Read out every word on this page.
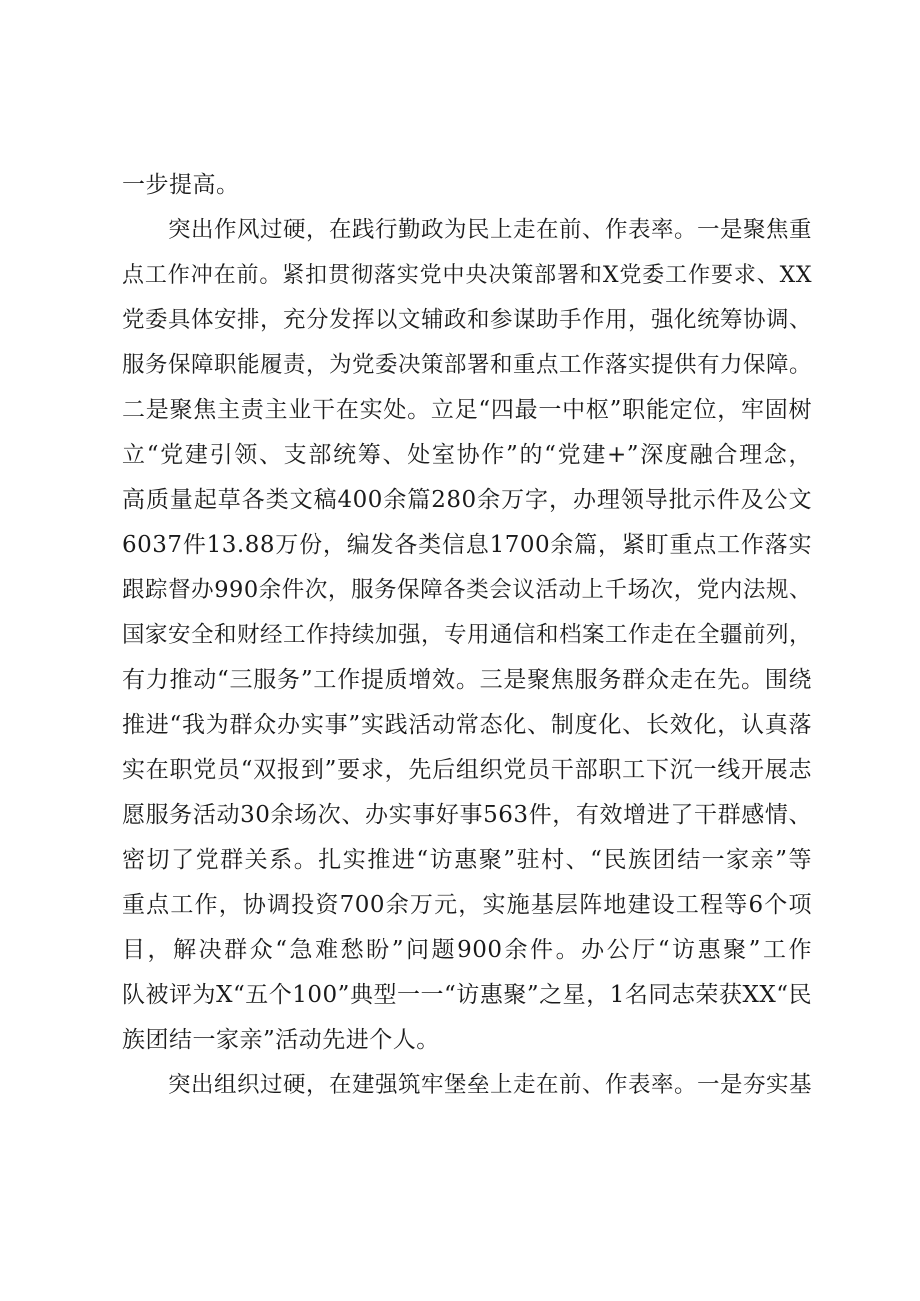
一步提高。
突出作风过硬，在践行勤政为民上走在前、作表率。一是聚焦重
点工作冲在前。紧扣贯彻落实党中央决策部署和X党委工作要求、XX
党委具体安排，充分发挥以文辅政和参谋助手作用，强化统筹协调、
服务保障职能履责，为党委决策部署和重点工作落实提供有力保障。
二是聚焦主责主业干在实处。立足“四最一中枢”职能定位，牢固树
立“党建引领、支部统筹、处室协作”的“党建+”深度融合理念，
高质量起草各类文稿400余篇280余万字，办理领导批示件及公文
6037件13.88万份，编发各类信息1700余篇，紧盯重点工作落实
跟踪督办990余件次，服务保障各类会议活动上千场次，党内法规、
国家安全和财经工作持续加强，专用通信和档案工作走在全疆前列，
有力推动“三服务”工作提质增效。三是聚焦服务群众走在先。围绕
推进“我为群众办实事”实践活动常态化、制度化、长效化，认真落
实在职党员“双报到”要求，先后组织党员干部职工下沉一线开展志
愿服务活动30余场次、办实事好事563件，有效增进了干群感情、
密切了党群关系。扎实推进“访惠聚”驻村、“民族团结一家亲”等
重点工作，协调投资700余万元，实施基层阵地建设工程等6个项
目，解决群众“急难愁盼”问题900余件。办公厅“访惠聚”工作
队被评为X“五个100”典型一一“访惠聚”之星，1名同志荣获XX“民
族团结一家亲”活动先进个人。
突出组织过硬，在建强筑牢堡垒上走在前、作表率。一是夯实基
